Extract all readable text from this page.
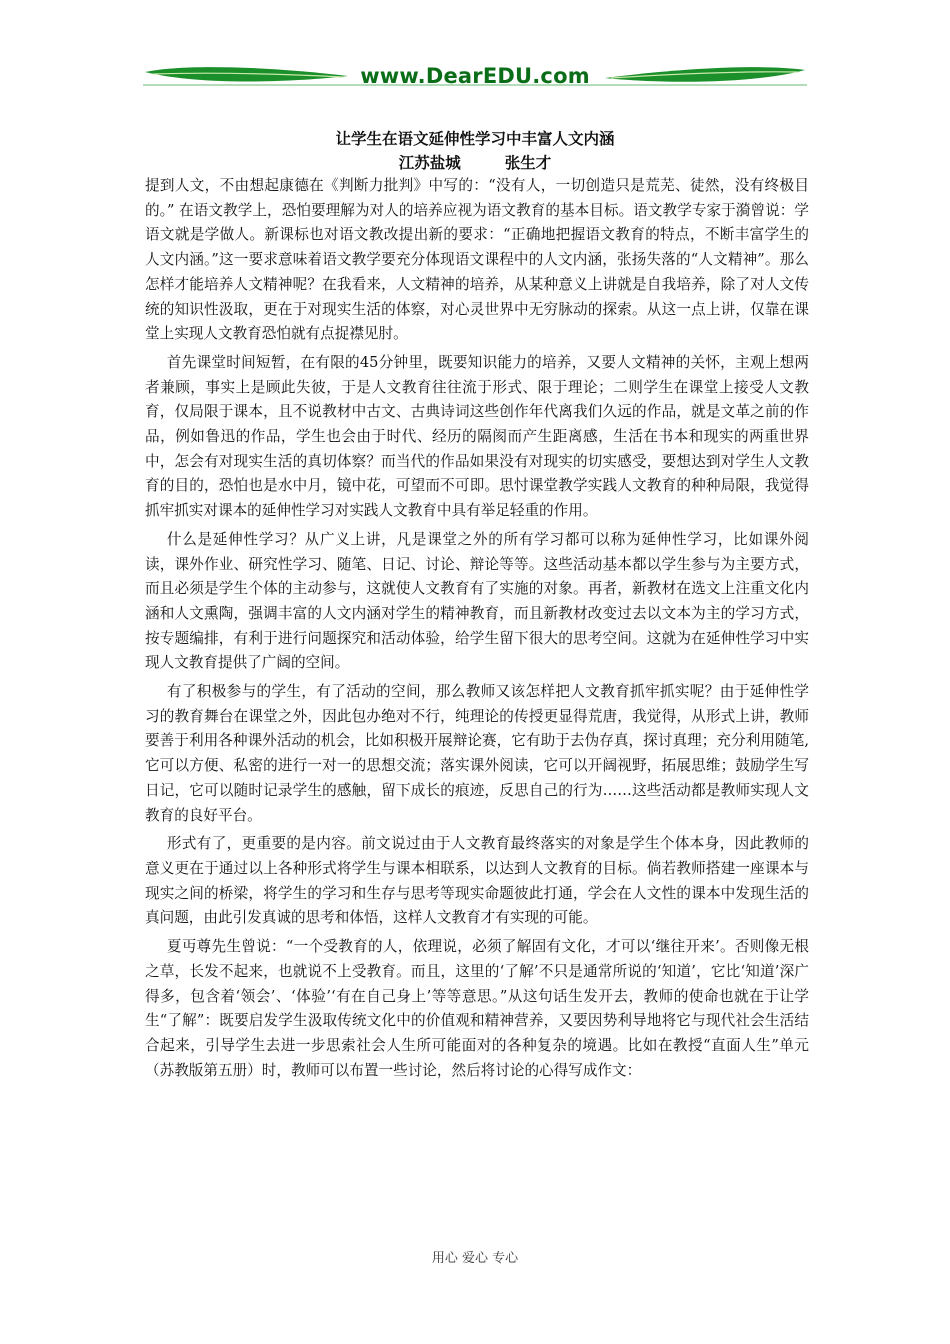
www.DearEDU.com
让学生在语文延伸性学习中丰富人文内涵
江苏盐城	张生才

提到人文，不由想起康德在《判断力批判》中写的：“没有人，一切创造只是荒芜、徒然，没有终极目的。” 在语文教学上，恐怕要理解为对人的培养应视为语文教育的基本目标。语文教学专家于漪曾说：学语文就是学做人。新课标也对语文教改提出新的要求：“正确地把握语文教育的特点，不断丰富学生的人文内涵。”这一要求意味着语文教学要充分体现语文课程中的人文内涵，张扬失落的“人文精神”。那么怎样才能培养人文精神呢？在我看来，人文精神的培养，从某种意义上讲就是自我培养，除了对人文传统的知识性汲取，更在于对现实生活的体察，对心灵世界中无穷脉动的探索。从这一点上讲，仅靠在课堂上实现人文教育恐怕就有点捉襟见肘。

首先课堂时间短暂，在有限的45分钟里，既要知识能力的培养，又要人文精神的关怀，主观上想两者兼顾，事实上是顾此失彼，于是人文教育往往流于形式、限于理论；二则学生在课堂上接受人文教育，仅局限于课本，且不说教材中古文、古典诗词这些创作年代离我们久远的作品，就是文革之前的作品，例如鲁迅的作品，学生也会由于时代、经历的隔阂而产生距离感，生活在书本和现实的两重世界中，怎会有对现实生活的真切体察？而当代的作品如果没有对现实的切实感受，要想达到对学生人文教育的目的，恐怕也是水中月，镜中花，可望而不可即。思忖课堂教学实践人文教育的种种局限，我觉得抓牢抓实对课本的延伸性学习对实践人文教育中具有举足轻重的作用。

什么是延伸性学习？从广义上讲，凡是课堂之外的所有学习都可以称为延伸性学习，比如课外阅读，课外作业、研究性学习、随笔、日记、讨论、辩论等等。这些活动基本都以学生参与为主要方式，而且必须是学生个体的主动参与，这就使人文教育有了实施的对象。再者，新教材在选文上注重文化内涵和人文熏陶，强调丰富的人文内涵对学生的精神教育，而且新教材改变过去以文本为主的学习方式，按专题编排，有利于进行问题探究和活动体验，给学生留下很大的思考空间。这就为在延伸性学习中实现人文教育提供了广阔的空间。

有了积极参与的学生，有了活动的空间，那么教师又该怎样把人文教育抓牢抓实呢？由于延伸性学习的教育舞台在课堂之外，因此包办绝对不行，纯理论的传授更显得荒唐，我觉得，从形式上讲，教师要善于利用各种课外活动的机会，比如积极开展辩论赛，它有助于去伪存真，探讨真理；充分利用随笔,它可以方便、私密的进行一对一的思想交流；落实课外阅读，它可以开阔视野，拓展思维；鼓励学生写日记，它可以随时记录学生的感触，留下成长的痕迹，反思自己的行为……这些活动都是教师实现人文教育的良好平台。

形式有了，更重要的是内容。前文说过由于人文教育最终落实的对象是学生个体本身，因此教师的意义更在于通过以上各种形式将学生与课本相联系，以达到人文教育的目标。倘若教师搭建一座课本与现实之间的桥梁，将学生的学习和生存与思考等现实命题彼此打通，学会在人文性的课本中发现生活的真问题，由此引发真诚的思考和体悟，这样人文教育才有实现的可能。

夏丏尊先生曾说：“一个受教育的人，依理说，必须了解固有文化，才可以‘继往开来’。否则像无根之草，长发不起来，也就说不上受教育。而且，这里的‘了解’不只是通常所说的‘知道’，它比‘知道’深广得多，包含着‘领会’、‘体验’‘有在自己身上’等等意思。”从这句话生发开去，教师的使命也就在于让学生“了解”：既要启发学生汲取传统文化中的价值观和精神营养，又要因势利导地将它与现代社会生活结合起来，引导学生去进一步思索社会人生所可能面对的各种复杂的境遇。比如在教授“直面人生”单元（苏教版第五册）时，教师可以布置一些讨论，然后将讨论的心得写成作文：

用心 爱心 专心
